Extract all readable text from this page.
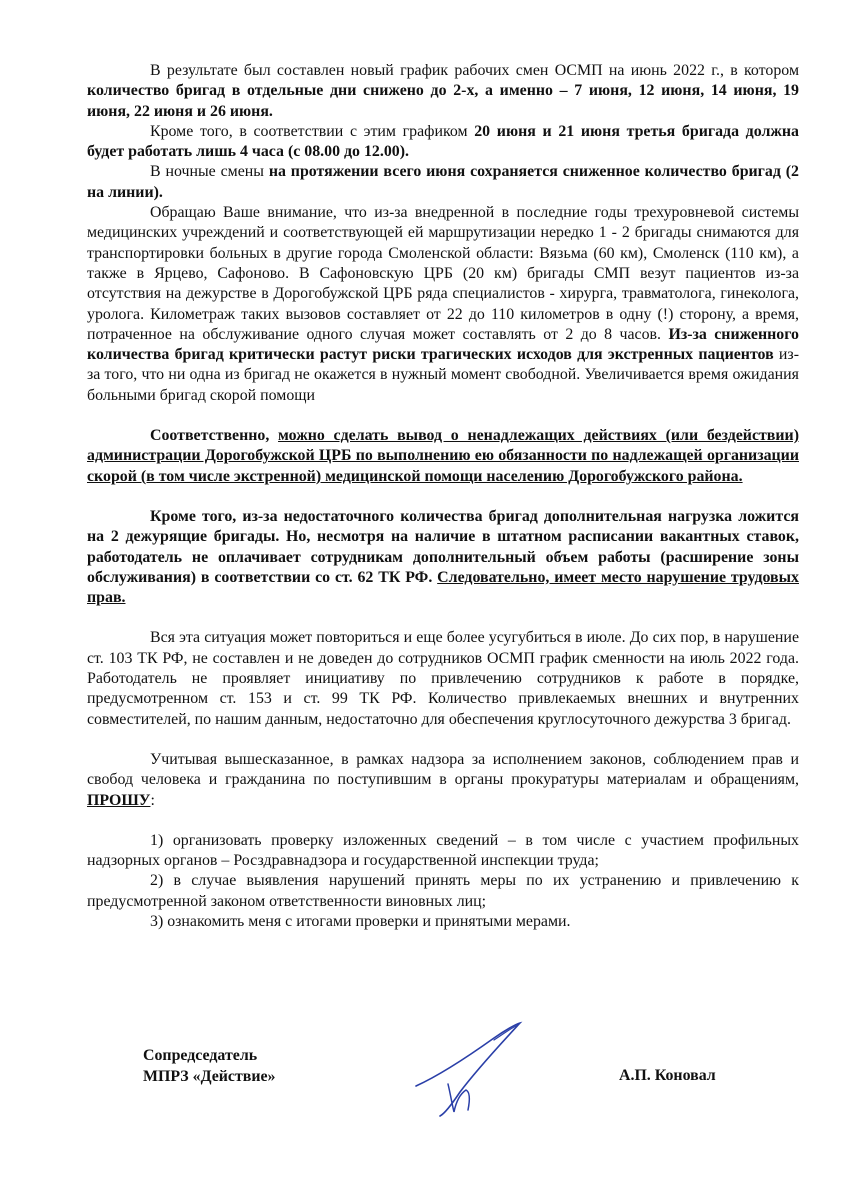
В результате был составлен новый график рабочих смен ОСМП на июнь 2022 г., в котором количество бригад в отдельные дни снижено до 2-х, а именно – 7 июня, 12 июня, 14 июня, 19 июня, 22 июня и 26 июня.

Кроме того, в соответствии с этим графиком 20 июня и 21 июня третья бригада должна будет работать лишь 4 часа (с 08.00 до 12.00).

В ночные смены на протяжении всего июня сохраняется сниженное количество бригад (2 на линии).

Обращаю Ваше внимание, что из-за внедренной в последние годы трехуровневой системы медицинских учреждений и соответствующей ей маршрутизации нередко 1 - 2 бригады снимаются для транспортировки больных в другие города Смоленской области: Вязьма (60 км), Смоленск (110 км), а также в Ярцево, Сафоново. В Сафоновскую ЦРБ (20 км) бригады СМП везут пациентов из-за отсутствия на дежурстве в Дорогобужской ЦРБ ряда специалистов - хирурга, травматолога, гинеколога, уролога. Километраж таких вызовов составляет от 22 до 110 километров в одну (!) сторону, а время, потраченное на обслуживание одного случая может составлять от 2 до 8 часов. Из-за сниженного количества бригад критически растут риски трагических исходов для экстренных пациентов из-за того, что ни одна из бригад не окажется в нужный момент свободной. Увеличивается время ожидания больными бригад скорой помощи

Соответственно, можно сделать вывод о ненадлежащих действиях (или бездействии) администрации Дорогобужской ЦРБ по выполнению ею обязанности по надлежащей организации скорой (в том числе экстренной) медицинской помощи населению Дорогобужского района.

Кроме того, из-за недостаточного количества бригад дополнительная нагрузка ложится на 2 дежурящие бригады. Но, несмотря на наличие в штатном расписании вакантных ставок, работодатель не оплачивает сотрудникам дополнительный объем работы (расширение зоны обслуживания) в соответствии со ст. 62 ТК РФ. Следовательно, имеет место нарушение трудовых прав.

Вся эта ситуация может повториться и еще более усугубиться в июле. До сих пор, в нарушение ст. 103 ТК РФ, не составлен и не доведен до сотрудников ОСМП график сменности на июль 2022 года. Работодатель не проявляет инициативу по привлечению сотрудников к работе в порядке, предусмотренном ст. 153 и ст. 99 ТК РФ. Количество привлекаемых внешних и внутренних совместителей, по нашим данным, недостаточно для обеспечения круглосуточного дежурства 3 бригад.

Учитывая вышесказанное, в рамках надзора за исполнением законов, соблюдением прав и свобод человека и гражданина по поступившим в органы прокуратуры материалам и обращениям, ПРОШУ:

1) организовать проверку изложенных сведений – в том числе с участием профильных надзорных органов – Росздравнадзора и государственной инспекции труда;

2) в случае выявления нарушений принять меры по их устранению и привлечению к предусмотренной законом ответственности виновных лиц;

3) ознакомить меня с итогами проверки и принятыми мерами.

Сопредседатель
МПРЗ «Действие»	А.П. Коновал
